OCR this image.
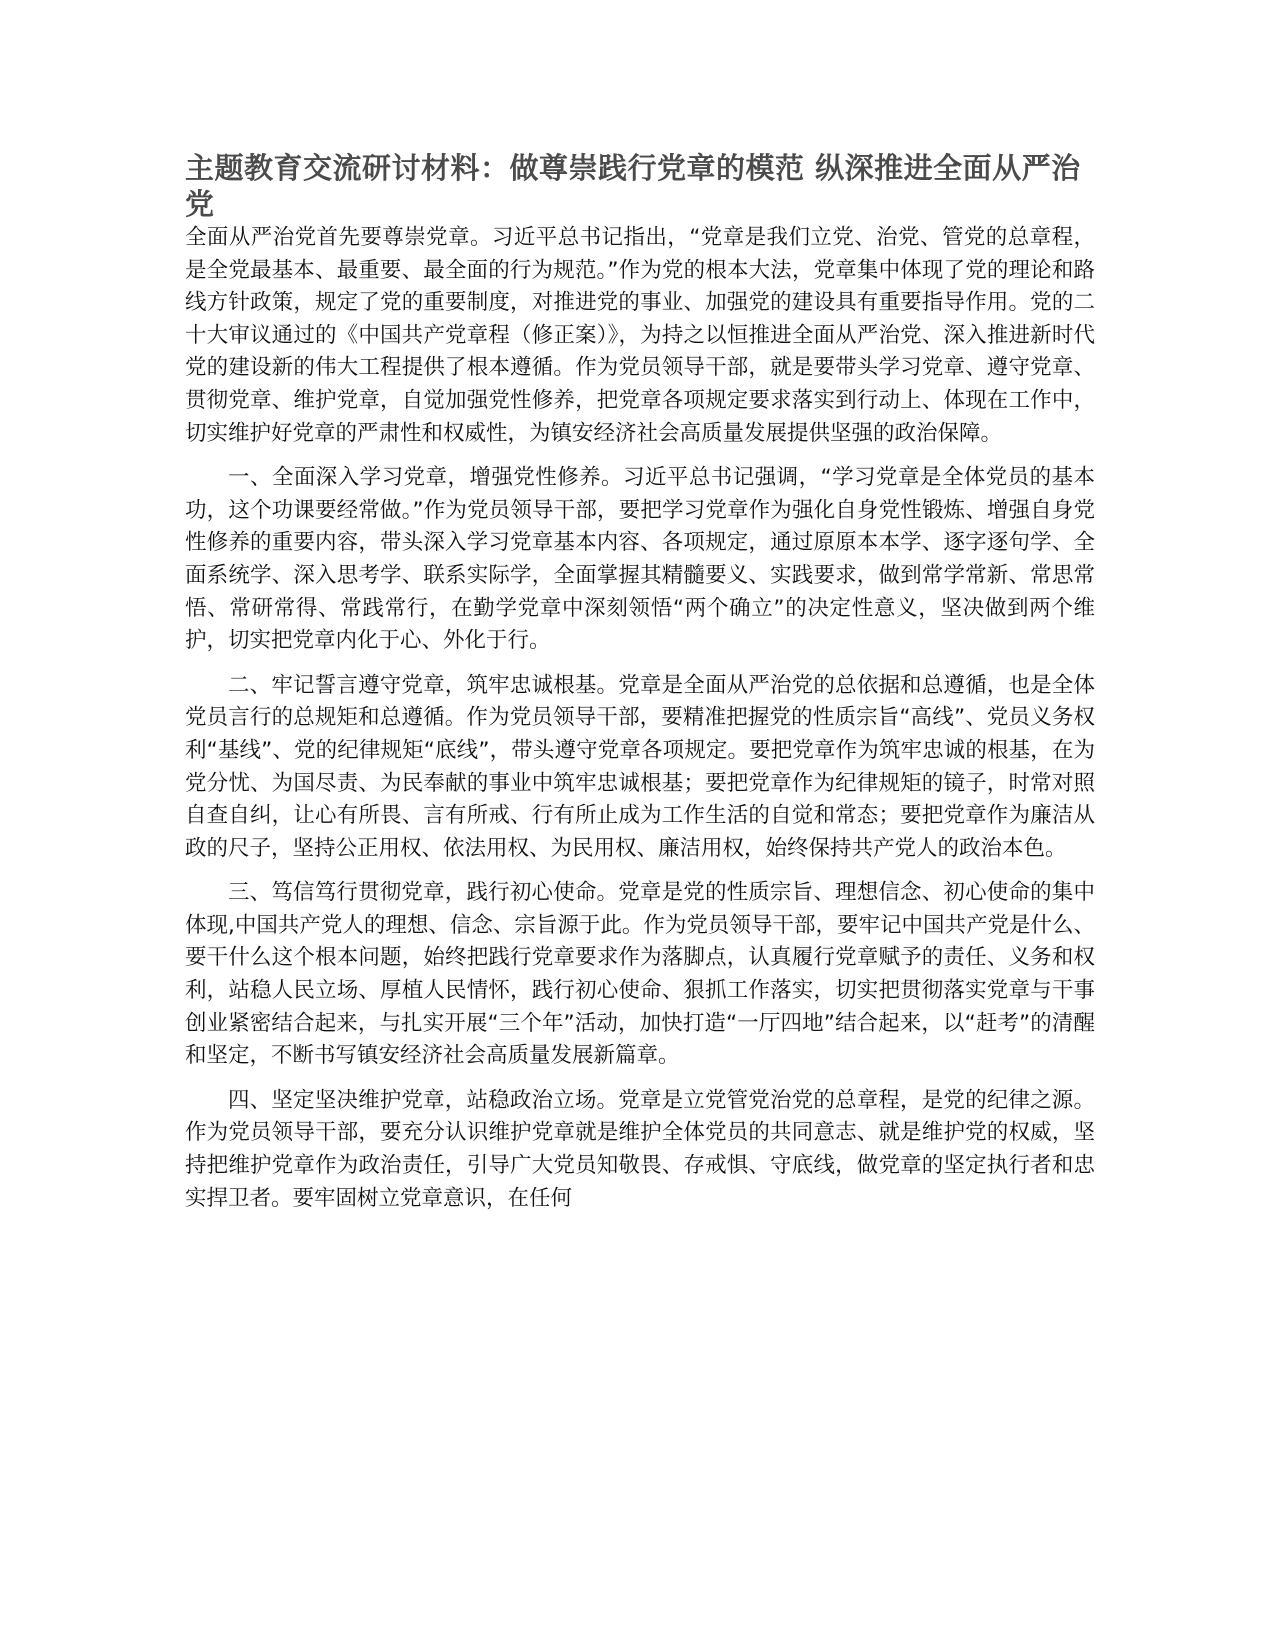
主题教育交流研讨材料：做尊崇践行党章的模范 纵深推进全面从严治党

全面从严治党首先要尊崇党章。习近平总书记指出，“党章是我们立党、治党、管党的总章程，是全党最基本、最重要、最全面的行为规范。”作为党的根本大法，党章集中体现了党的理论和路线方针政策，规定了党的重要制度，对推进党的事业、加强党的建设具有重要指导作用。党的二十大审议通过的《中国共产党章程（修正案）》，为持之以恒推进全面从严治党、深入推进新时代党的建设新的伟大工程提供了根本遵循。作为党员领导干部，就是要带头学习党章、遵守党章、贯彻党章、维护党章，自觉加强党性修养，把党章各项规定要求落实到行动上、体现在工作中，切实维护好党章的严肃性和权威性，为镇安经济社会高质量发展提供坚强的政治保障。

一、全面深入学习党章，增强党性修养。习近平总书记强调，“学习党章是全体党员的基本功，这个功课要经常做。”作为党员领导干部，要把学习党章作为强化自身党性锻炼、增强自身党性修养的重要内容，带头深入学习党章基本内容、各项规定，通过原原本本学、逐字逐句学、全面系统学、深入思考学、联系实际学，全面掌握其精髓要义、实践要求，做到常学常新、常思常悟、常研常得、常践常行，在勤学党章中深刻领悟“两个确立”的决定性意义，坚决做到两个维护，切实把党章内化于心、外化于行。

二、牢记誓言遵守党章，筑牢忠诚根基。党章是全面从严治党的总依据和总遵循，也是全体党员言行的总规矩和总遵循。作为党员领导干部，要精准把握党的性质宗旨“高线”、党员义务权利“基线”、党的纪律规矩“底线”，带头遵守党章各项规定。要把党章作为筑牢忠诚的根基，在为党分忧、为国尽责、为民奉献的事业中筑牢忠诚根基；要把党章作为纪律规矩的镜子，时常对照自查自纠，让心有所畏、言有所戒、行有所止成为工作生活的自觉和常态；要把党章作为廉洁从政的尺子，坚持公正用权、依法用权、为民用权、廉洁用权，始终保持共产党人的政治本色。

三、笃信笃行贯彻党章，践行初心使命。党章是党的性质宗旨、理想信念、初心使命的集中体现,中国共产党人的理想、信念、宗旨源于此。作为党员领导干部，要牢记中国共产党是什么、要干什么这个根本问题，始终把践行党章要求作为落脚点，认真履行党章赋予的责任、义务和权利，站稳人民立场、厚植人民情怀，践行初心使命、狠抓工作落实，切实把贯彻落实党章与干事创业紧密结合起来，与扎实开展“三个年”活动，加快打造“一厅四地”结合起来，以“赶考”的清醒和坚定，不断书写镇安经济社会高质量发展新篇章。

四、坚定坚决维护党章，站稳政治立场。党章是立党管党治党的总章程，是党的纪律之源。作为党员领导干部，要充分认识维护党章就是维护全体党员的共同意志、就是维护党的权威，坚持把维护党章作为政治责任，引导广大党员知敬畏、存戒惧、守底线，做党章的坚定执行者和忠实捍卫者。要牢固树立党章意识，在任何
